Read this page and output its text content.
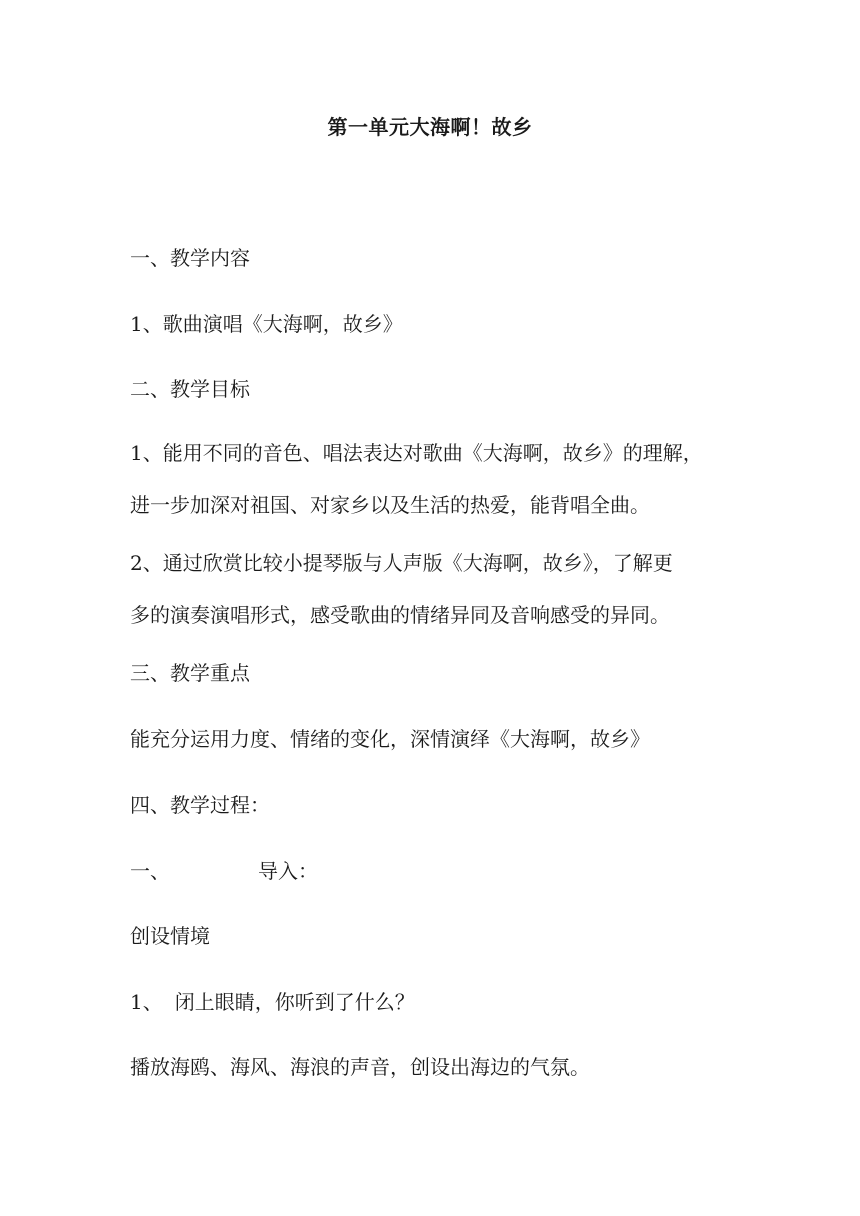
第一单元大海啊！故乡
一、教学内容
1、歌曲演唱《大海啊，故乡》
二、教学目标
1、能用不同的音色、唱法表达对歌曲《大海啊，故乡》的理解，
进一步加深对祖国、对家乡以及生活的热爱，能背唱全曲。
2、通过欣赏比较小提琴版与人声版《大海啊，故乡》，了解更
多的演奏演唱形式，感受歌曲的情绪异同及音响感受的异同。
三、教学重点
能充分运用力度、情绪的变化，深情演绎《大海啊，故乡》
四、教学过程：
一、	导入：
创设情境
1、 闭上眼睛，你听到了什么？
播放海鸥、海风、海浪的声音，创设出海边的气氛。
